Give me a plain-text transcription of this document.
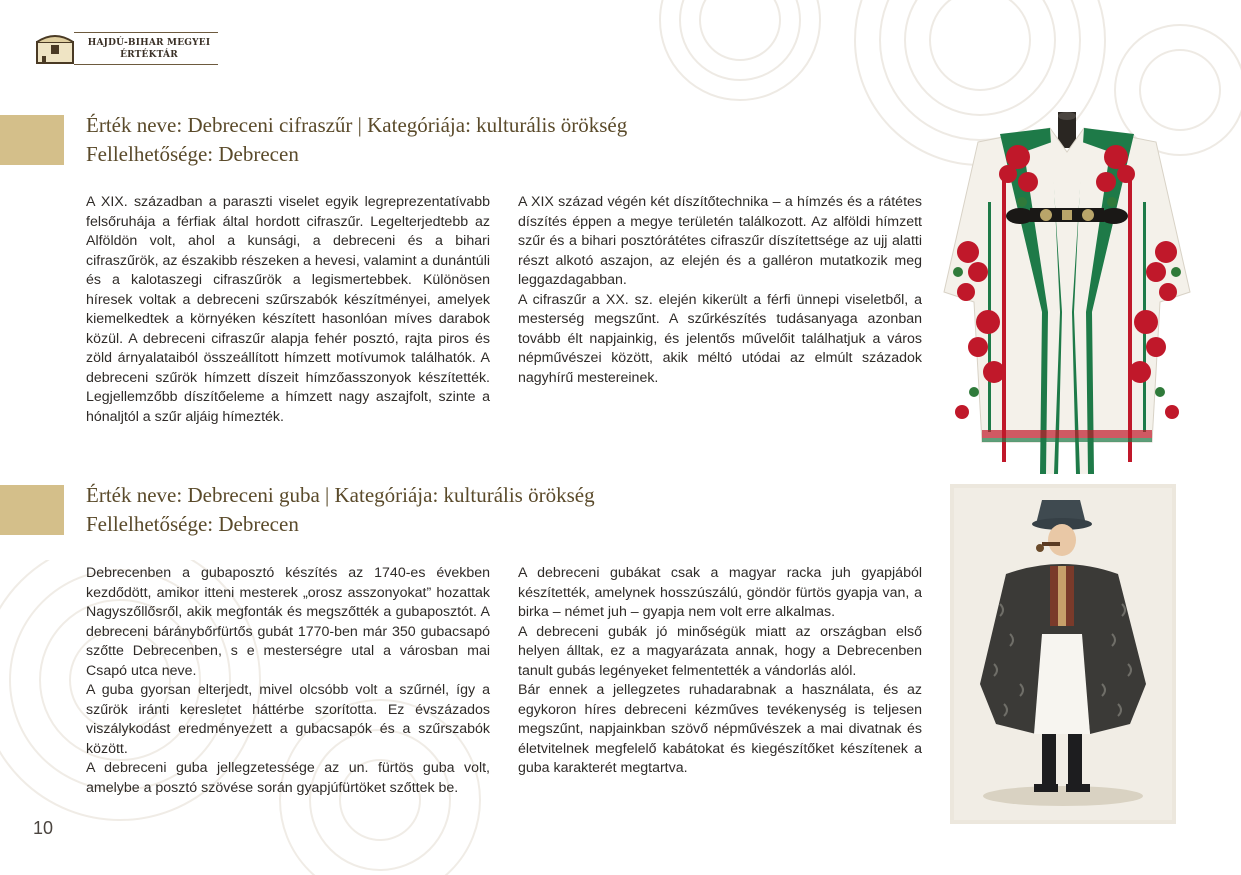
HAJDÚ-BIHAR MEGYEI
ÉRTÉKTÁR
Érték neve: Debreceni cifraszűr | Kategóriája: kulturális örökség
Fellelhetősége: Debrecen

A XIX. században a paraszti viselet egyik legreprezentatívabb felsőruhája a férfiak által hordott cifraszűr. Legelterjedtebb az Alföldön volt, ahol a kunsági, a debreceni és a bihari cifraszűrök, az északibb részeken a hevesi, valamint a dunántúli és a kalotaszegi cifraszűrök a legismertebbek. Különösen híresek voltak a debreceni szűrszabók készítményei, amelyek kiemelkedtek a környéken készített hasonlóan míves darabok közül. A debreceni cifraszűr alapja fehér posztó, rajta piros és zöld árnyalataiból összeállított hímzett motívumok találhatók. A debreceni szűrök hímzett díszeit hímzőasszonyok készítették. Legjellemzőbb díszítőeleme a hímzett nagy aszajfolt, szinte a hónaljtól a szűr aljáig hímezték.

A XIX század végén két díszítőtechnika – a hímzés és a rátétes díszítés éppen a megye területén találkozott. Az alföldi hímzett szűr és a bihari posztórátétes cifraszűr díszítettsége az ujj alatti részt alkotó aszajon, az elején és a galléron mutatkozik meg leggazdagabban.

A cifraszűr a XX. sz. elején kikerült a férfi ünnepi viseletből, a mesterség megszűnt. A szűrkészítés tudásanyaga azonban tovább élt napjainkig, és jelentős művelőit találhatjuk a város népművészei között, akik méltó utódai az elmúlt századok nagyhírű mestereinek.

Érték neve: Debreceni guba | Kategóriája: kulturális örökség
Fellelhetősége: Debrecen

Debrecenben a gubaposztó készítés az 1740-es években kezdődött, amikor itteni mesterek „orosz asszonyokat” hozattak Nagyszőllősről, akik megfonták és megszőtték a gubaposztót. A debreceni báránybőrfürtős gubát 1770-ben már 350 gubacsapó szőtte Debrecenben, s e mesterségre utal a városban mai Csapó utca neve.

A guba gyorsan elterjedt, mivel olcsóbb volt a szűrnél, így a szűrök iránti keresletet háttérbe szorította. Ez évszázados viszálykodást eredményezett a gubacsapók és a szűrszabók között.

A debreceni guba jellegzetessége az un. fürtös guba volt, amelybe a posztó szövése során gyapjúfürtöket szőttek be.

A debreceni gubákat csak a magyar racka juh gyapjából készítették, amelynek hosszúszálú, göndör fürtös gyapja van, a birka – német juh – gyapja nem volt erre alkalmas.

A debreceni gubák jó minőségük miatt az országban első helyen álltak, ez a magyarázata annak, hogy a Debrecenben tanult gubás legényeket felmentették a vándorlás alól.

Bár ennek a jellegzetes ruhadarabnak a használata, és az egykoron híres debreceni kézműves tevékenység is teljesen megszűnt, napjainkban szövő népművészek a mai divatnak és életvitelnek megfelelő kabátokat és kiegészítőket készítenek a guba karakterét megtartva.

10
